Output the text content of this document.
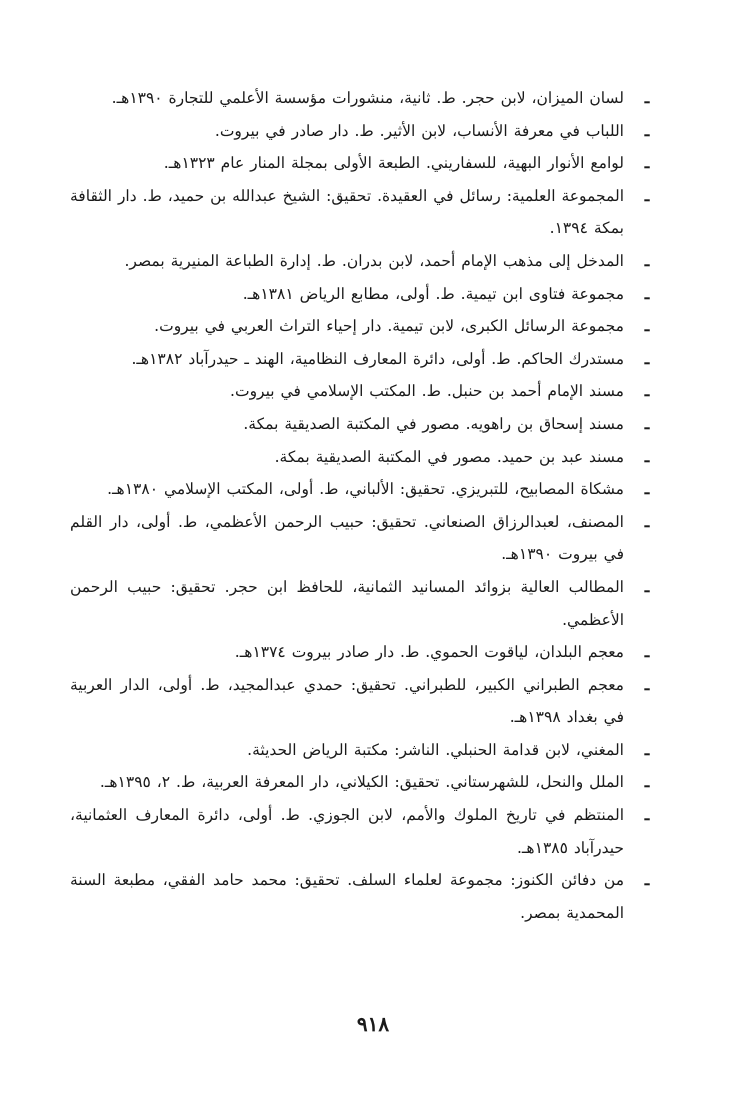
ـ
لسان الميزان، لابن حجر. ط. ثانية، منشورات مؤسسة الأعلمي للتجارة ١٣٩٠هـ.
ـ
اللباب في معرفة الأنساب، لابن الأثير. ط. دار صادر في بيروت.
ـ
لوامع الأنوار البهية، للسفاريني. الطبعة الأولى بمجلة المنار عام ١٣٢٣هـ.
ـ
المجموعة العلمية: رسائل في العقيدة. تحقيق: الشيخ عبدالله بن حميد، ط. دار الثقافة بمكة ١٣٩٤.
ـ
المدخل إلى مذهب الإمام أحمد، لابن بدران. ط. إدارة الطباعة المنيرية بمصر.
ـ
مجموعة فتاوى ابن تيمية. ط. أولى، مطابع الرياض ١٣٨١هـ.
ـ
مجموعة الرسائل الكبرى، لابن تيمية. دار إحياء التراث العربي في بيروت.
ـ
مستدرك الحاكم. ط. أولى، دائرة المعارف النظامية، الهند ـ حيدرآباد ١٣٨٢هـ.
ـ
مسند الإمام أحمد بن حنبل. ط. المكتب الإسلامي في بيروت.
ـ
مسند إسحاق بن راهويه. مصور في المكتبة الصديقية بمكة.
ـ
مسند عبد بن حميد. مصور في المكتبة الصديقية بمكة.
ـ
مشكاة المصابيح، للتبريزي. تحقيق: الألباني، ط. أولى، المكتب الإسلامي ١٣٨٠هـ.
ـ
المصنف، لعبدالرزاق الصنعاني. تحقيق: حبيب الرحمن الأعظمي، ط. أولى، دار القلم في بيروت ١٣٩٠هـ.
ـ
المطالب العالية بزوائد المسانيد الثمانية، للحافظ ابن حجر. تحقيق: حبيب الرحمن الأعظمي.
ـ
معجم البلدان، لياقوت الحموي. ط. دار صادر بيروت ١٣٧٤هـ.
ـ
معجم الطبراني الكبير، للطبراني. تحقيق: حمدي عبدالمجيد، ط. أولى، الدار العربية في بغداد ١٣٩٨هـ.
ـ
المغني، لابن قدامة الحنبلي. الناشر: مكتبة الرياض الحديثة.
ـ
الملل والنحل، للشهرستاني. تحقيق: الكيلاني، دار المعرفة العربية، ط. ٢، ١٣٩٥هـ.
ـ
المنتظم في تاريخ الملوك والأمم، لابن الجوزي. ط. أولى، دائرة المعارف العثمانية، حيدرآباد ١٣٨٥هـ.
ـ
من دفائن الكنوز: مجموعة لعلماء السلف. تحقيق: محمد حامد الفقي، مطبعة السنة المحمدية بمصر.
٩١٨
